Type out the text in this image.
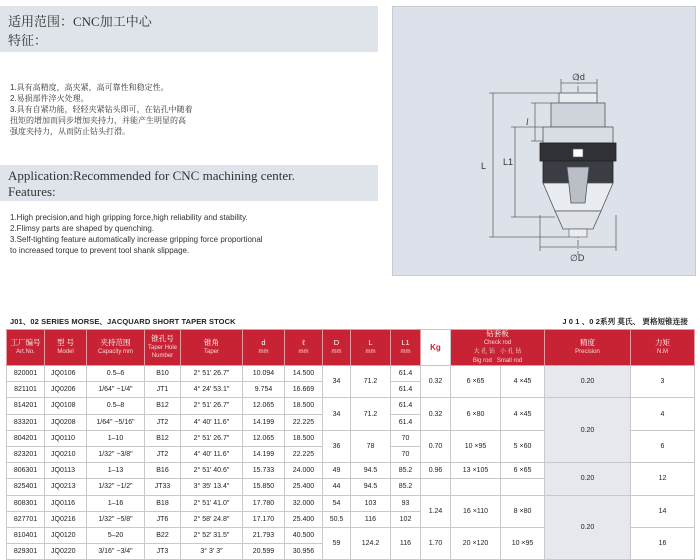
适用范围：CNC加工中心
特征：
1.具有高精度，高夹紧，高可靠性和稳定性。
2.易损部件淬火处理。
3.具有自紧功能，轻轻夹紧钻头即可，在钻孔中随着
扭矩的增加而同步增加夹持力，并能产生明显的高
强度夹持力，从而防止钻头打滑。
Application:Recommended for CNC machining center.
Features:
1.High precision,and high gripping force,high reliability and stability.
2.Flimsy parts are shaped by quenching.
3.Self-tighting feature automatically increase gripping force proportional
to increased torque to prevent tool shank slippage.
∅d
l
L1
L
∅D
J01、02 SERIES MORSE、JACQUARD SHORT TAPER STOCK	J 0 1 、0 2系列 莫氏、 贾格短锥连接
工厂编号
Art.No.	型 号
Model	夹持范围
Capacity mm	锥孔号
Taper Hole Number	锥角
Taper	d
mm	ℓ
mm	D
mm	L
mm	L1
mm	Kg	钻套板
Check rod
大 孔 钻 小 孔 钻
Big rod Small rod		精度
Precision	力矩
N.M

820001	JQ0106	0.5–6	B10	2° 51′ 26.7″	10.094	14.500	34	71.2	61.4	0.32	6 ×65	4 ×45	0.20	3
821101	JQ0206	1/64" −1/4"	JT1	4° 24′ 53.1″	9.754	16.669			61.4					
814201	JQ0108	0.5–8	B12	2° 51′ 26.7″	12.065	18.500	34	71.2	61.4	0.32	6 ×80	4 ×45	0.20	4
833201	JQ0208	1/64" −5/16"	JT2	4° 40′ 11.6″	14.199	22.225			61.4					
804201	JQ0110	1–10	B12	2° 51′ 26.7″	12.065	18.500	36	78	70	0.70	10 ×95	5 ×60		6
823201	JQ0210	1/32" −3/8"	JT2	4° 40′ 11.6″	14.199	22.225			70					
806301	JQ0113	1–13	B16	2° 51′ 40.6″	15.733	24.000	49	94.5	85.2	0.96	13 ×105	6 ×65	0.20	12
825401	JQ0213	1/32" −1/2"	JT33	3° 35′ 13.4″	15.850	25.400	44	94.5	85.2					
808301	JQ0116	1–16	B18	2° 51′ 41.0″	17.780	32.000	54	103	93	1.24	16 ×110	8 ×80	0.20	14
827701	JQ0216	1/32" −5/8"	JT6	2° 58′ 24.8″	17.170	25.400	50.5	116	102					
810401	JQ0120	5–20	B22	2° 52′ 31.5″	21.793	40.500	59	124.2	116	1.70	20 ×120	10 ×95		16
829301	JQ0220	3/16" −3/4"	JT3	3° 3′ 3″	20.599	30.956								
